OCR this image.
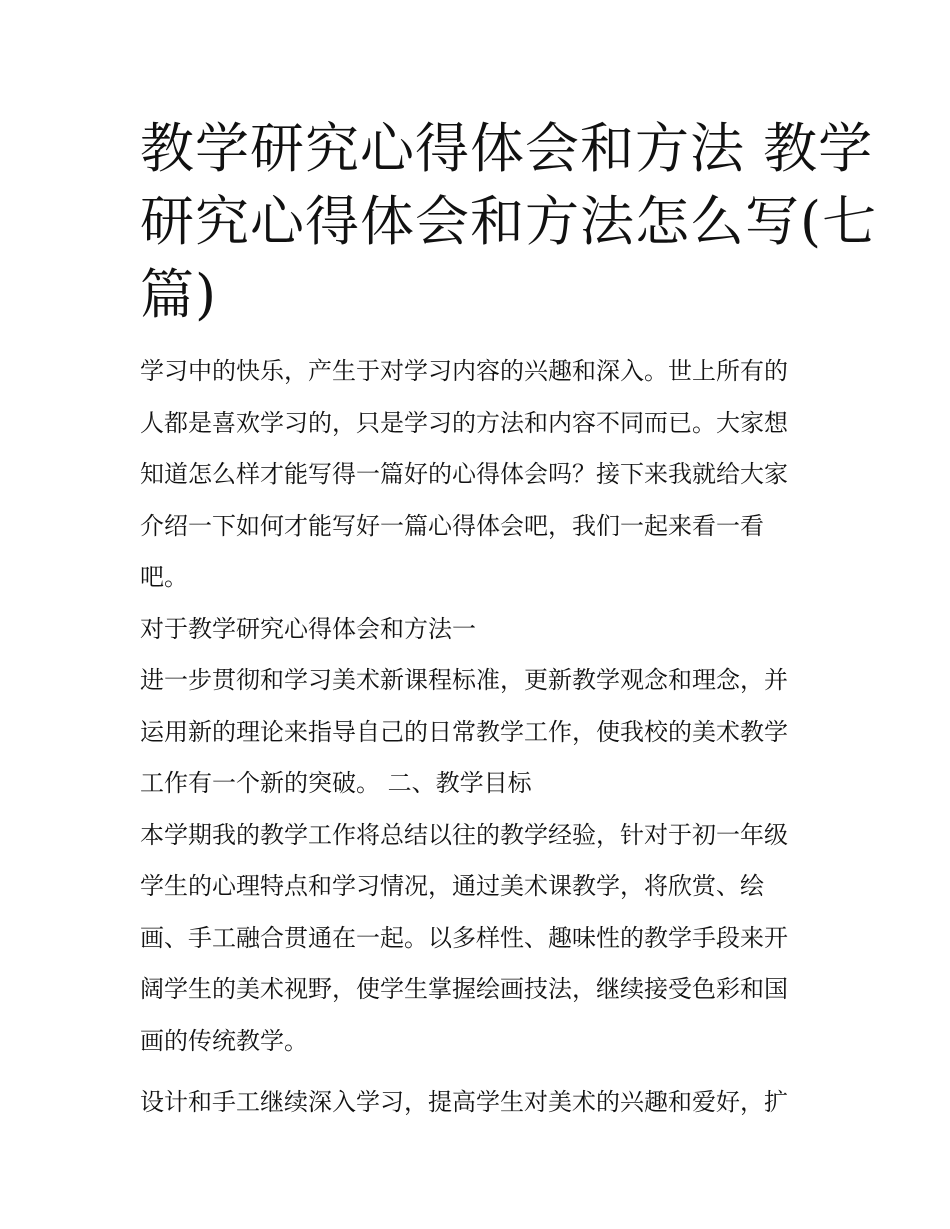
教学研究心得体会和方法 教学
研究心得体会和方法怎么写(七
篇)
学习中的快乐，产生于对学习内容的兴趣和深入。世上所有的
人都是喜欢学习的，只是学习的方法和内容不同而已。大家想
知道怎么样才能写得一篇好的心得体会吗？接下来我就给大家
介绍一下如何才能写好一篇心得体会吧，我们一起来看一看
吧。
对于教学研究心得体会和方法一
进一步贯彻和学习美术新课程标准，更新教学观念和理念，并
运用新的理论来指导自己的日常教学工作，使我校的美术教学
工作有一个新的突破。 二、教学目标
本学期我的教学工作将总结以往的教学经验，针对于初一年级
学生的心理特点和学习情况，通过美术课教学，将欣赏、绘
画、手工融合贯通在一起。以多样性、趣味性的教学手段来开
阔学生的美术视野，使学生掌握绘画技法，继续接受色彩和国
画的传统教学。
设计和手工继续深入学习，提高学生对美术的兴趣和爱好，扩
